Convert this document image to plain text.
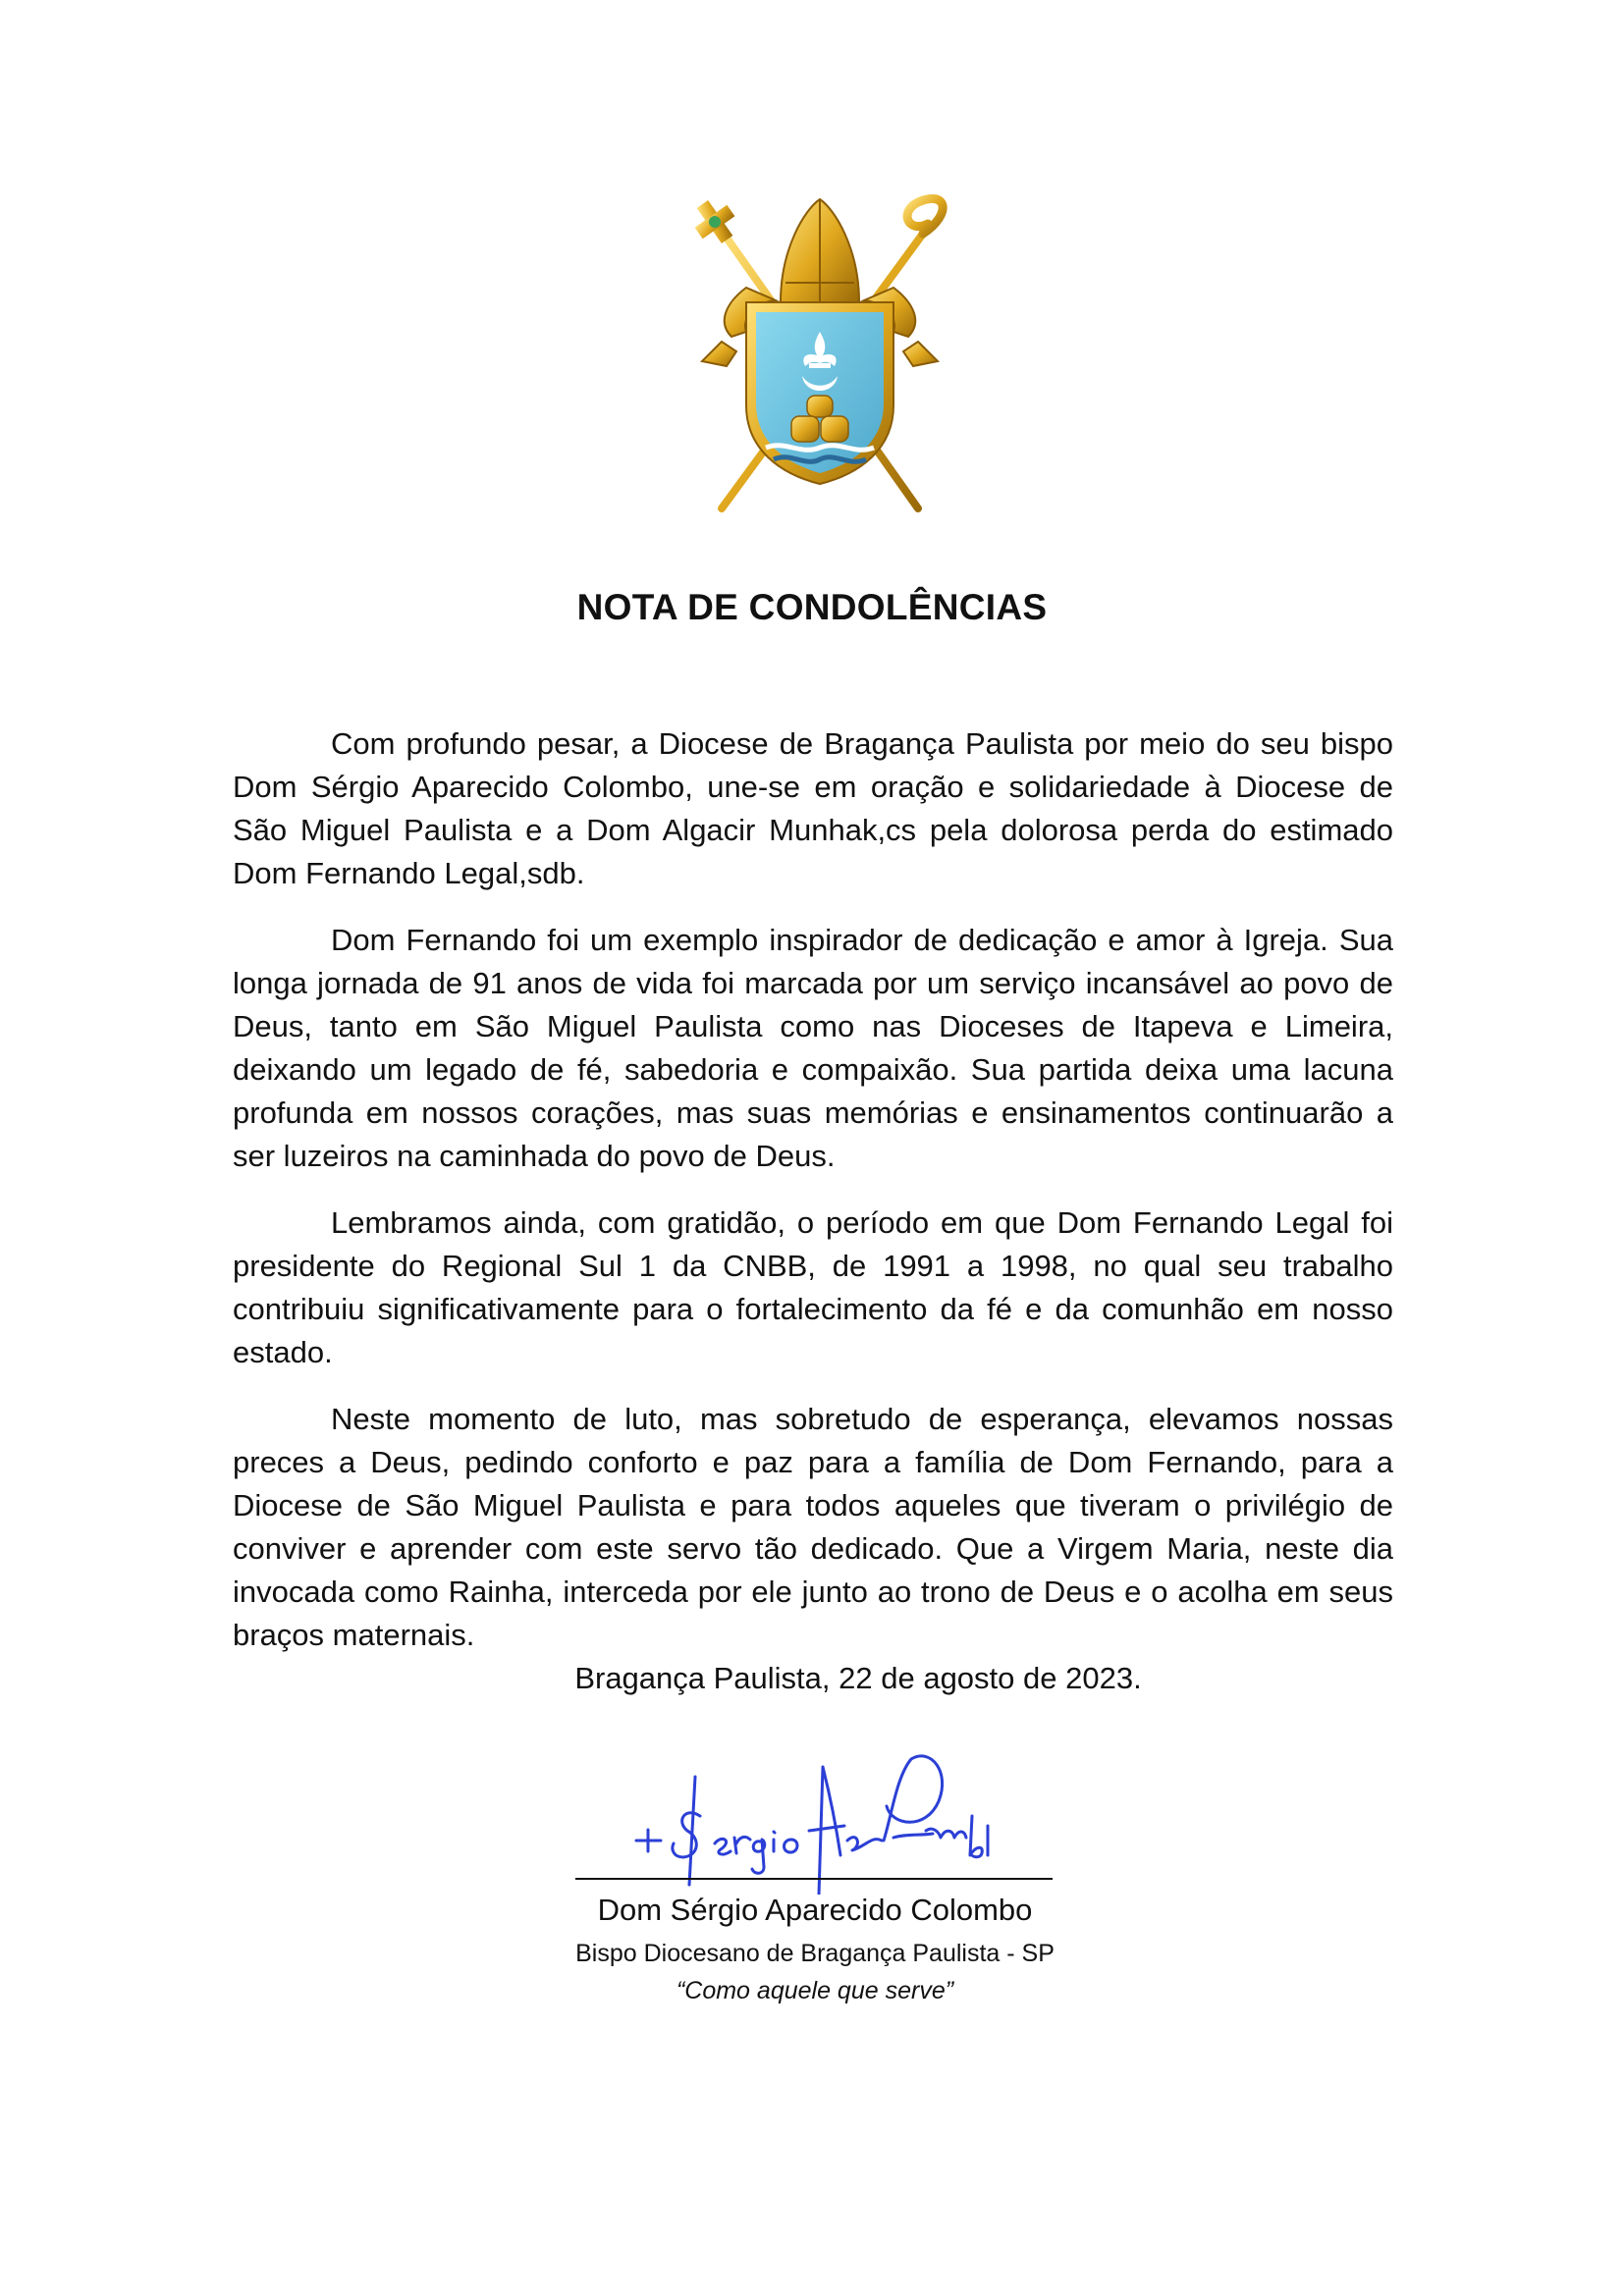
NOTA DE CONDOLÊNCIAS

Com profundo pesar, a Diocese de Bragança Paulista por meio do seu bispo Dom Sérgio Aparecido Colombo, une-se em oração e solidariedade à Diocese de São Miguel Paulista e a Dom Algacir Munhak,cs pela dolorosa perda do estimado Dom Fernando Legal,sdb.

Dom Fernando foi um exemplo inspirador de dedicação e amor à Igreja. Sua longa jornada de 91 anos de vida foi marcada por um serviço incansável ao povo de Deus, tanto em São Miguel Paulista como nas Dioceses de Itapeva e Limeira, deixando um legado de fé, sabedoria e compaixão. Sua partida deixa uma lacuna profunda em nossos corações, mas suas memórias e ensinamentos continuarão a ser luzeiros na caminhada do povo de Deus.

Lembramos ainda, com gratidão, o período em que Dom Fernando Legal foi presidente do Regional Sul 1 da CNBB, de 1991 a 1998, no qual seu trabalho contribuiu significativamente para o fortalecimento da fé e da comunhão em nosso estado.

Neste momento de luto, mas sobretudo de esperança, elevamos nossas preces a Deus, pedindo conforto e paz para a família de Dom Fernando, para a Diocese de São Miguel Paulista e para todos aqueles que tiveram o privilégio de conviver e aprender com este servo tão dedicado. Que a Virgem Maria, neste dia invocada como Rainha, interceda por ele junto ao trono de Deus e o acolha em seus braços maternais.

Bragança Paulista, 22 de agosto de 2023.
Dom Sérgio Aparecido Colombo
Bispo Diocesano de Bragança Paulista - SP
“Como aquele que serve”
